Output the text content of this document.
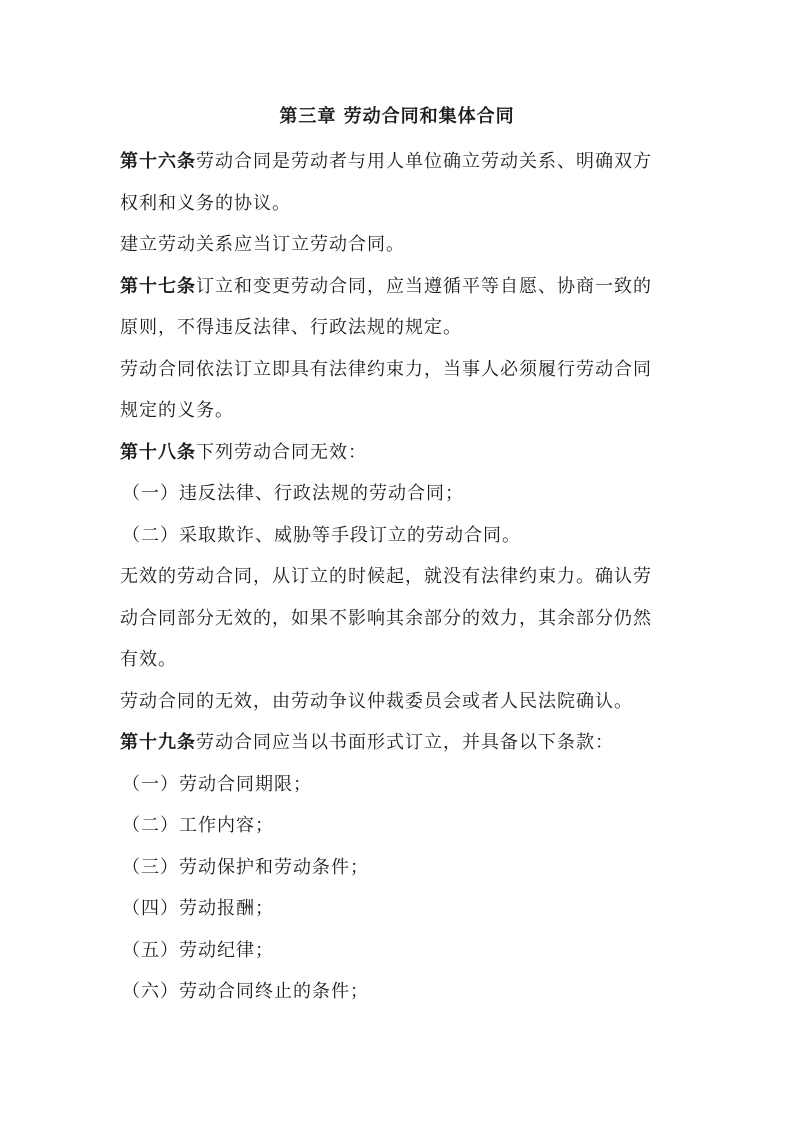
第三章 劳动合同和集体合同

第十六条劳动合同是劳动者与用人单位确立劳动关系、明确双方权利和义务的协议。

建立劳动关系应当订立劳动合同。

第十七条订立和变更劳动合同，应当遵循平等自愿、协商一致的原则，不得违反法律、行政法规的规定。

劳动合同依法订立即具有法律约束力，当事人必须履行劳动合同规定的义务。

第十八条下列劳动合同无效：

（一）违反法律、行政法规的劳动合同；

（二）采取欺诈、威胁等手段订立的劳动合同。

无效的劳动合同，从订立的时候起，就没有法律约束力。确认劳动合同部分无效的，如果不影响其余部分的效力，其余部分仍然有效。

劳动合同的无效，由劳动争议仲裁委员会或者人民法院确认。

第十九条劳动合同应当以书面形式订立，并具备以下条款：

（一）劳动合同期限；

（二）工作内容；

（三）劳动保护和劳动条件；

（四）劳动报酬；

（五）劳动纪律；

（六）劳动合同终止的条件；
